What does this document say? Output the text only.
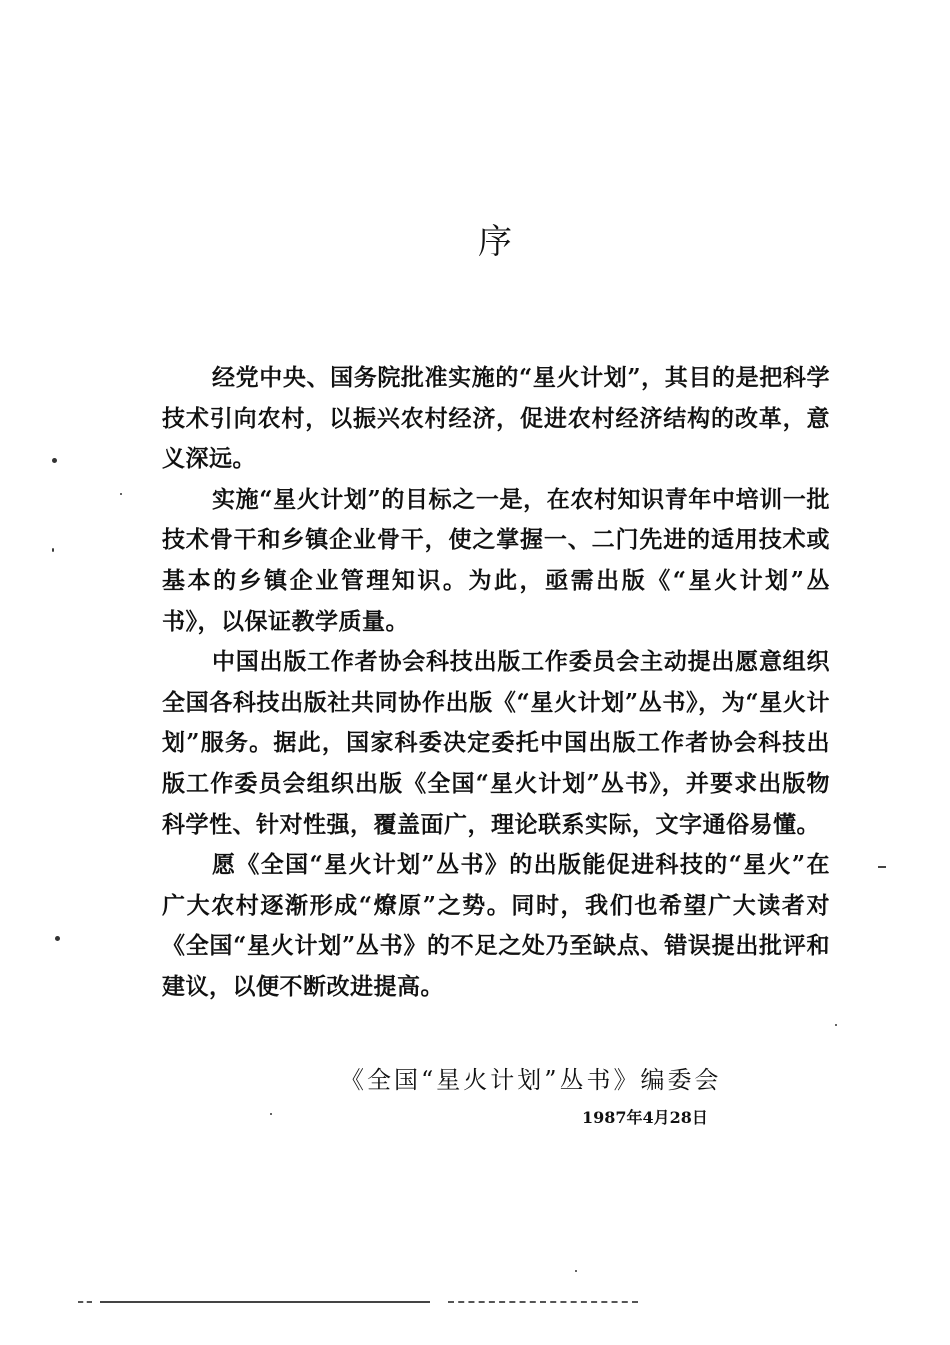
序

经党中央、国务院批准实施的“星火计划”，其目的是把科学技术引向农村，以振兴农村经济，促进农村经济结构的改革，意义深远。

实施“星火计划”的目标之一是，在农村知识青年中培训一批技术骨干和乡镇企业骨干，使之掌握一、二门先进的适用技术或基本的乡镇企业管理知识。为此，亟需出版《“星火计划”丛书》，以保证教学质量。

中国出版工作者协会科技出版工作委员会主动提出愿意组织全国各科技出版社共同协作出版《“星火计划”丛书》，为“星火计划”服务。据此，国家科委决定委托中国出版工作者协会科技出版工作委员会组织出版《全国“星火计划”丛书》，并要求出版物科学性、针对性强，覆盖面广，理论联系实际，文字通俗易懂。

愿《全国“星火计划”丛书》的出版能促进科技的“星火”在广大农村逐渐形成“燎原”之势。同时，我们也希望广大读者对《全国“星火计划”丛书》的不足之处乃至缺点、错误提出批评和建议，以便不断改进提高。

《全国“星火计划”丛书》编委会
1987年4月28日
